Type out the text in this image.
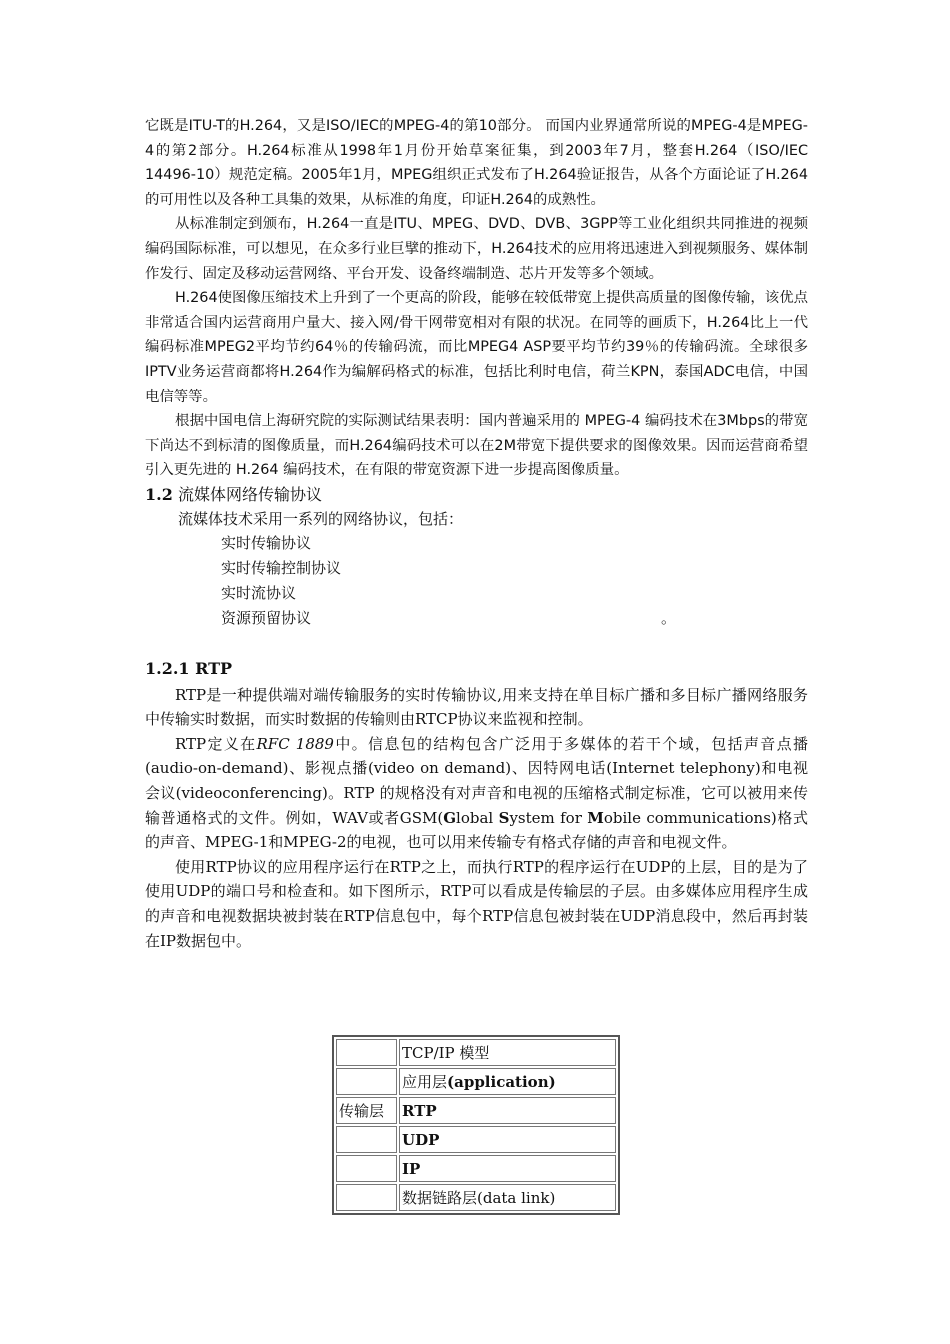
它既是ITU-T的H.264，又是ISO/IEC的MPEG-4的第10部分。 而国内业界通常所说的MPEG-4是MPEG-4的第2部分。H.264标准从1998年1月份开始草案征集，到2003年7月，整套H.264（ISO/IEC 14496-10）规范定稿。2005年1月，MPEG组织正式发布了H.264验证报告，从各个方面论证了H.264的可用性以及各种工具集的效果，从标准的角度，印证H.264的成熟性。

从标准制定到颁布，H.264一直是ITU、MPEG、DVD、DVB、3GPP等工业化组织共同推进的视频编码国际标准，可以想见，在众多行业巨擘的推动下，H.264技术的应用将迅速进入到视频服务、媒体制作发行、固定及移动运营网络、平台开发、设备终端制造、芯片开发等多个领域。

H.264使图像压缩技术上升到了一个更高的阶段，能够在较低带宽上提供高质量的图像传输，该优点非常适合国内运营商用户量大、接入网/骨干网带宽相对有限的状况。在同等的画质下，H.264比上一代编码标准MPEG2平均节约64％的传输码流，而比MPEG4 ASP要平均节约39％的传输码流。全球很多IPTV业务运营商都将H.264作为编解码格式的标准，包括比利时电信，荷兰KPN，泰国ADC电信，中国电信等等。

根据中国电信上海研究院的实际测试结果表明：国内普遍采用的 MPEG-4 编码技术在3Mbps的带宽下尚达不到标清的图像质量，而H.264编码技术可以在2M带宽下提供要求的图像效果。因而运营商希望引入更先进的 H.264 编码技术，在有限的带宽资源下进一步提高图像质量。

1.2 流媒体网络传输协议
流媒体技术采用一系列的网络协议，包括：
实时传输协议
实时传输控制协议
实时流协议
资源预留协议	。
1.2.1 RTP

RTP是一种提供端对端传输服务的实时传输协议,用来支持在单目标广播和多目标广播网络服务中传输实时数据，而实时数据的传输则由RTCP协议来监视和控制。

RTP定义在RFC 1889中。信息包的结构包含广泛用于多媒体的若干个域，包括声音点播(audio-on-demand)、影视点播(video on demand)、因特网电话(Internet telephony)和电视会议(videoconferencing)。RTP 的规格没有对声音和电视的压缩格式制定标准，它可以被用来传输普通格式的文件。例如，WAV或者GSM(Global System for Mobile communications)格式的声音、MPEG-1和MPEG-2的电视，也可以用来传输专有格式存储的声音和电视文件。

使用RTP协议的应用程序运行在RTP之上，而执行RTP的程序运行在UDP的上层，目的是为了使用UDP的端口号和检查和。如下图所示，RTP可以看成是传输层的子层。由多媒体应用程序生成的声音和电视数据块被封装在RTP信息包中，每个RTP信息包被封装在UDP消息段中，然后再封装在IP数据包中。

	TCP/IP 模型
	应用层(application)
传输层	RTP
	UDP
	IP
	数据链路层(data link)
